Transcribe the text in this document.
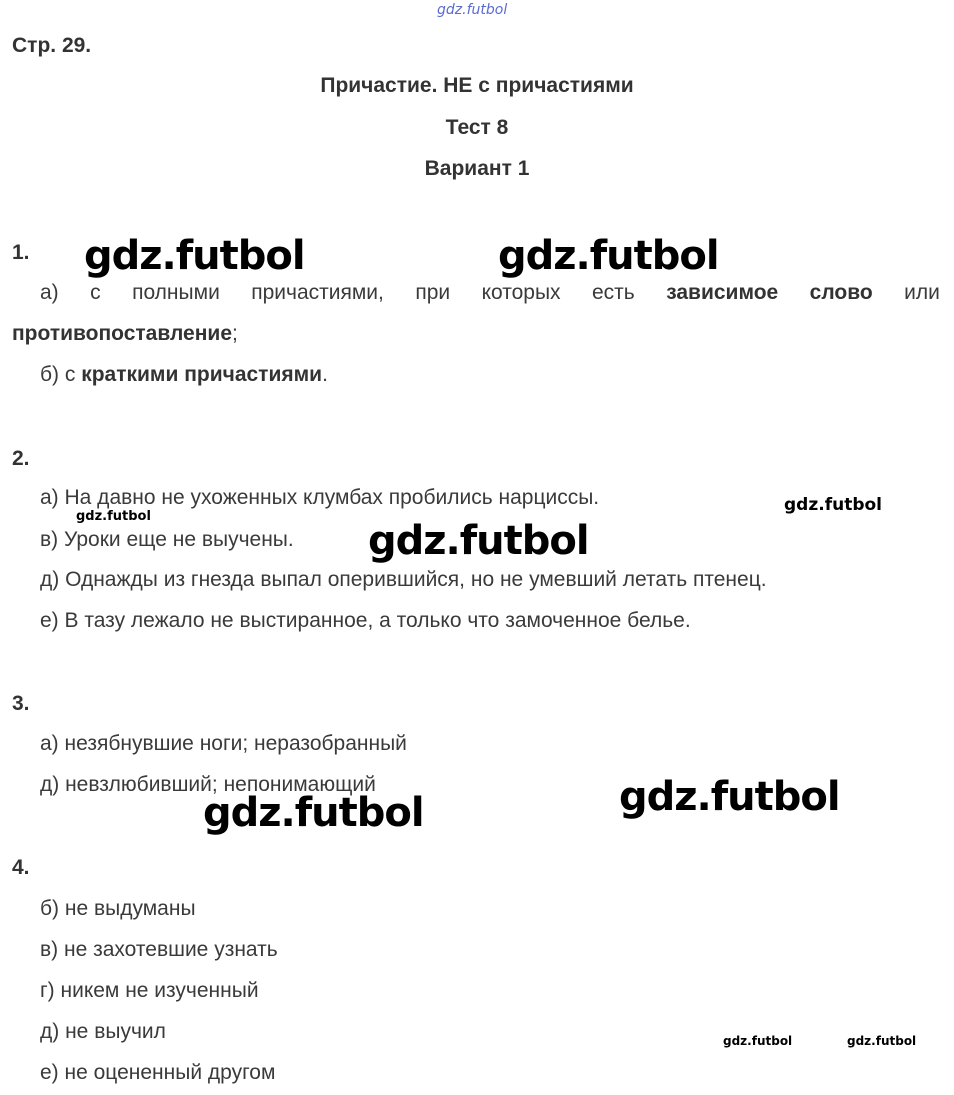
gdz.futbol
Стр. 29.
Причастие. НЕ с причастиями
Тест 8
Вариант 1
1.
а) с полными причастиями, при которых есть зависимое слово или
противопоставление;
б) с краткими причастиями.
2.
а) На давно не ухоженных клумбах пробились нарциссы.
в) Уроки еще не выучены.
д) Однажды из гнезда выпал оперившийся, но не умевший летать птенец.
е) В тазу лежало не выстиранное, а только что замоченное белье.
3.
а) незябнувшие ноги; неразобранный
д) невзлюбивший; непонимающий
4.
б) не выдуманы
в) не захотевшие узнать
г) никем не изученный
д) не выучил
е) не оцененный другом
gdz.futbol	gdz.futbol
gdz.futbol
gdz.futbol
gdz.futbol
gdz.futbol
gdz.futbol
gdz.futbol	gdz.futbol
